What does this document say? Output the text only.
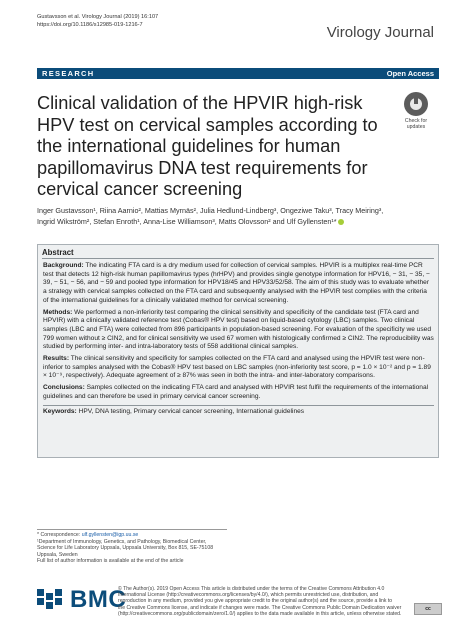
Gustavsson et al. Virology Journal (2019) 16:107
https://doi.org/10.1186/s12985-019-1216-7	Virology Journal
RESEARCH	Open Access
Clinical validation of the HPVIR high-risk HPV test on cervical samples according to the international guidelines for human papillomavirus DNA test requirements for cervical cancer screening
Check for
updates
Inger Gustavsson¹, Riina Aarnio², Mattias Myrnäs², Julia Hedlund-Lindberg³, Ongeziwe Taku³, Tracy Meiring³,
Ingrid Wikström², Stefan Enroth¹, Anna-Lise Williamson³, Matts Olovsson² and Ulf Gyllensten¹*
Abstract

Background: The indicating FTA card is a dry medium used for collection of cervical samples. HPVIR is a multiplex real-time PCR test that detects 12 high-risk human papillomavirus types (hrHPV) and provides single genotype information for HPV16, − 31, − 35, − 39, − 51, − 56, and − 59 and pooled type information for HPV18/45 and HPV33/52/58. The aim of this study was to evaluate whether a strategy with cervical samples collected on the FTA card and subsequently analysed with the HPVIR test complies with the criteria of the international guidelines for a clinically validated method for cervical screening.

Methods: We performed a non-inferiority test comparing the clinical sensitivity and specificity of the candidate test (FTA card and HPVIR) with a clinically validated reference test (Cobas® HPV test) based on liquid-based cytology (LBC) samples. Two clinical samples (LBC and FTA) were collected from 896 participants in population-based screening. For evaluation of the specificity we used 799 women without ≥ CIN2, and for clinical sensitivity we used 67 women with histologically confirmed ≥ CIN2. The reproducibility was studied by performing inter- and intra-laboratory tests of 558 additional clinical samples.

Results: The clinical sensitivity and specificity for samples collected on the FTA card and analysed using the HPVIR test were non-inferior to samples analysed with the Cobas® HPV test based on LBC samples (non-inferiority test score, p = 1.0 × 10⁻² and p = 1.89 × 10⁻⁹, respectively). Adequate agreement of ≥ 87% was seen in both the intra- and inter-laboratory comparisons.

Conclusions: Samples collected on the indicating FTA card and analysed with HPVIR test fulfil the requirements of the international guidelines and can therefore be used in primary cervical cancer screening.

Keywords: HPV, DNA testing, Primary cervical cancer screening, International guidelines

* Correspondence: ulf.gyllensten@igp.uu.se
¹Department of Immunology, Genetics, and Pathology, Biomedical Center,
Science for Life Laboratory Uppsala, Uppsala University, Box 815, SE-75108
Uppsala, Sweden
Full list of author information is available at the end of the article
BMC
© The Author(s). 2019 Open Access This article is distributed under the terms of the Creative Commons Attribution 4.0
International License (http://creativecommons.org/licenses/by/4.0/), which permits unrestricted use, distribution, and
reproduction in any medium, provided you give appropriate credit to the original author(s) and the source, provide a link to
the Creative Commons license, and indicate if changes were made. The Creative Commons Public Domain Dedication waiver
(http://creativecommons.org/publicdomain/zero/1.0/) applies to the data made available in this article, unless otherwise stated.
cc
